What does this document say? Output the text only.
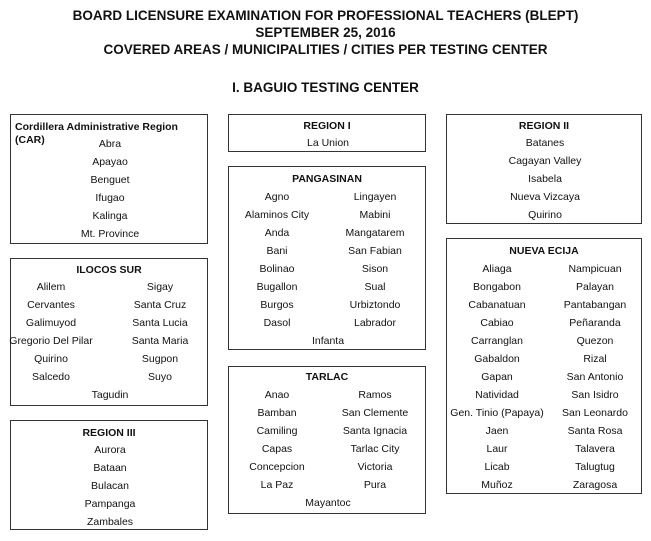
BOARD LICENSURE EXAMINATION FOR PROFESSIONAL TEACHERS (BLEPT)
SEPTEMBER 25, 2016
COVERED AREAS / MUNICIPALITIES / CITIES PER TESTING CENTER
I. BAGUIO TESTING CENTER
Cordillera Administrative Region (CAR)	Abra
Apayao
Benguet
Ifugao
Kalinga
Mt. Province
ILOCOS SUR
Alilem
Cervantes
Galimuyod
Gregorio Del Pilar
Quirino
Salcedo
Sigay
Santa Cruz
Santa Lucia
Santa Maria
Sugpon
Suyo
Tagudin
REGION III
Aurora
Bataan
Bulacan
Pampanga
Zambales
REGION I
La Union
PANGASINAN
Agno
Alaminos City
Anda
Bani
Bolinao
Bugallon
Burgos
Dasol
Lingayen
Mabini
Mangatarem
San Fabian
Sison
Sual
Urbiztondo
Labrador
Infanta
TARLAC
Anao
Bamban
Camiling
Capas
Concepcion
La Paz
Ramos
San Clemente
Santa Ignacia
Tarlac City
Victoria
Pura
Mayantoc
REGION II
Batanes
Cagayan Valley
Isabela
Nueva Vizcaya
Quirino
NUEVA ECIJA
Aliaga
Bongabon
Cabanatuan
Cabiao
Carranglan
Gabaldon
Gapan
Natividad
Gen. Tinio (Papaya)
Jaen
Laur
Licab
Muñoz
Nampicuan
Palayan
Pantabangan
Peñaranda
Quezon
Rizal
San Antonio
San Isidro
San Leonardo
Santa Rosa
Talavera
Talugtug
Zaragosa
